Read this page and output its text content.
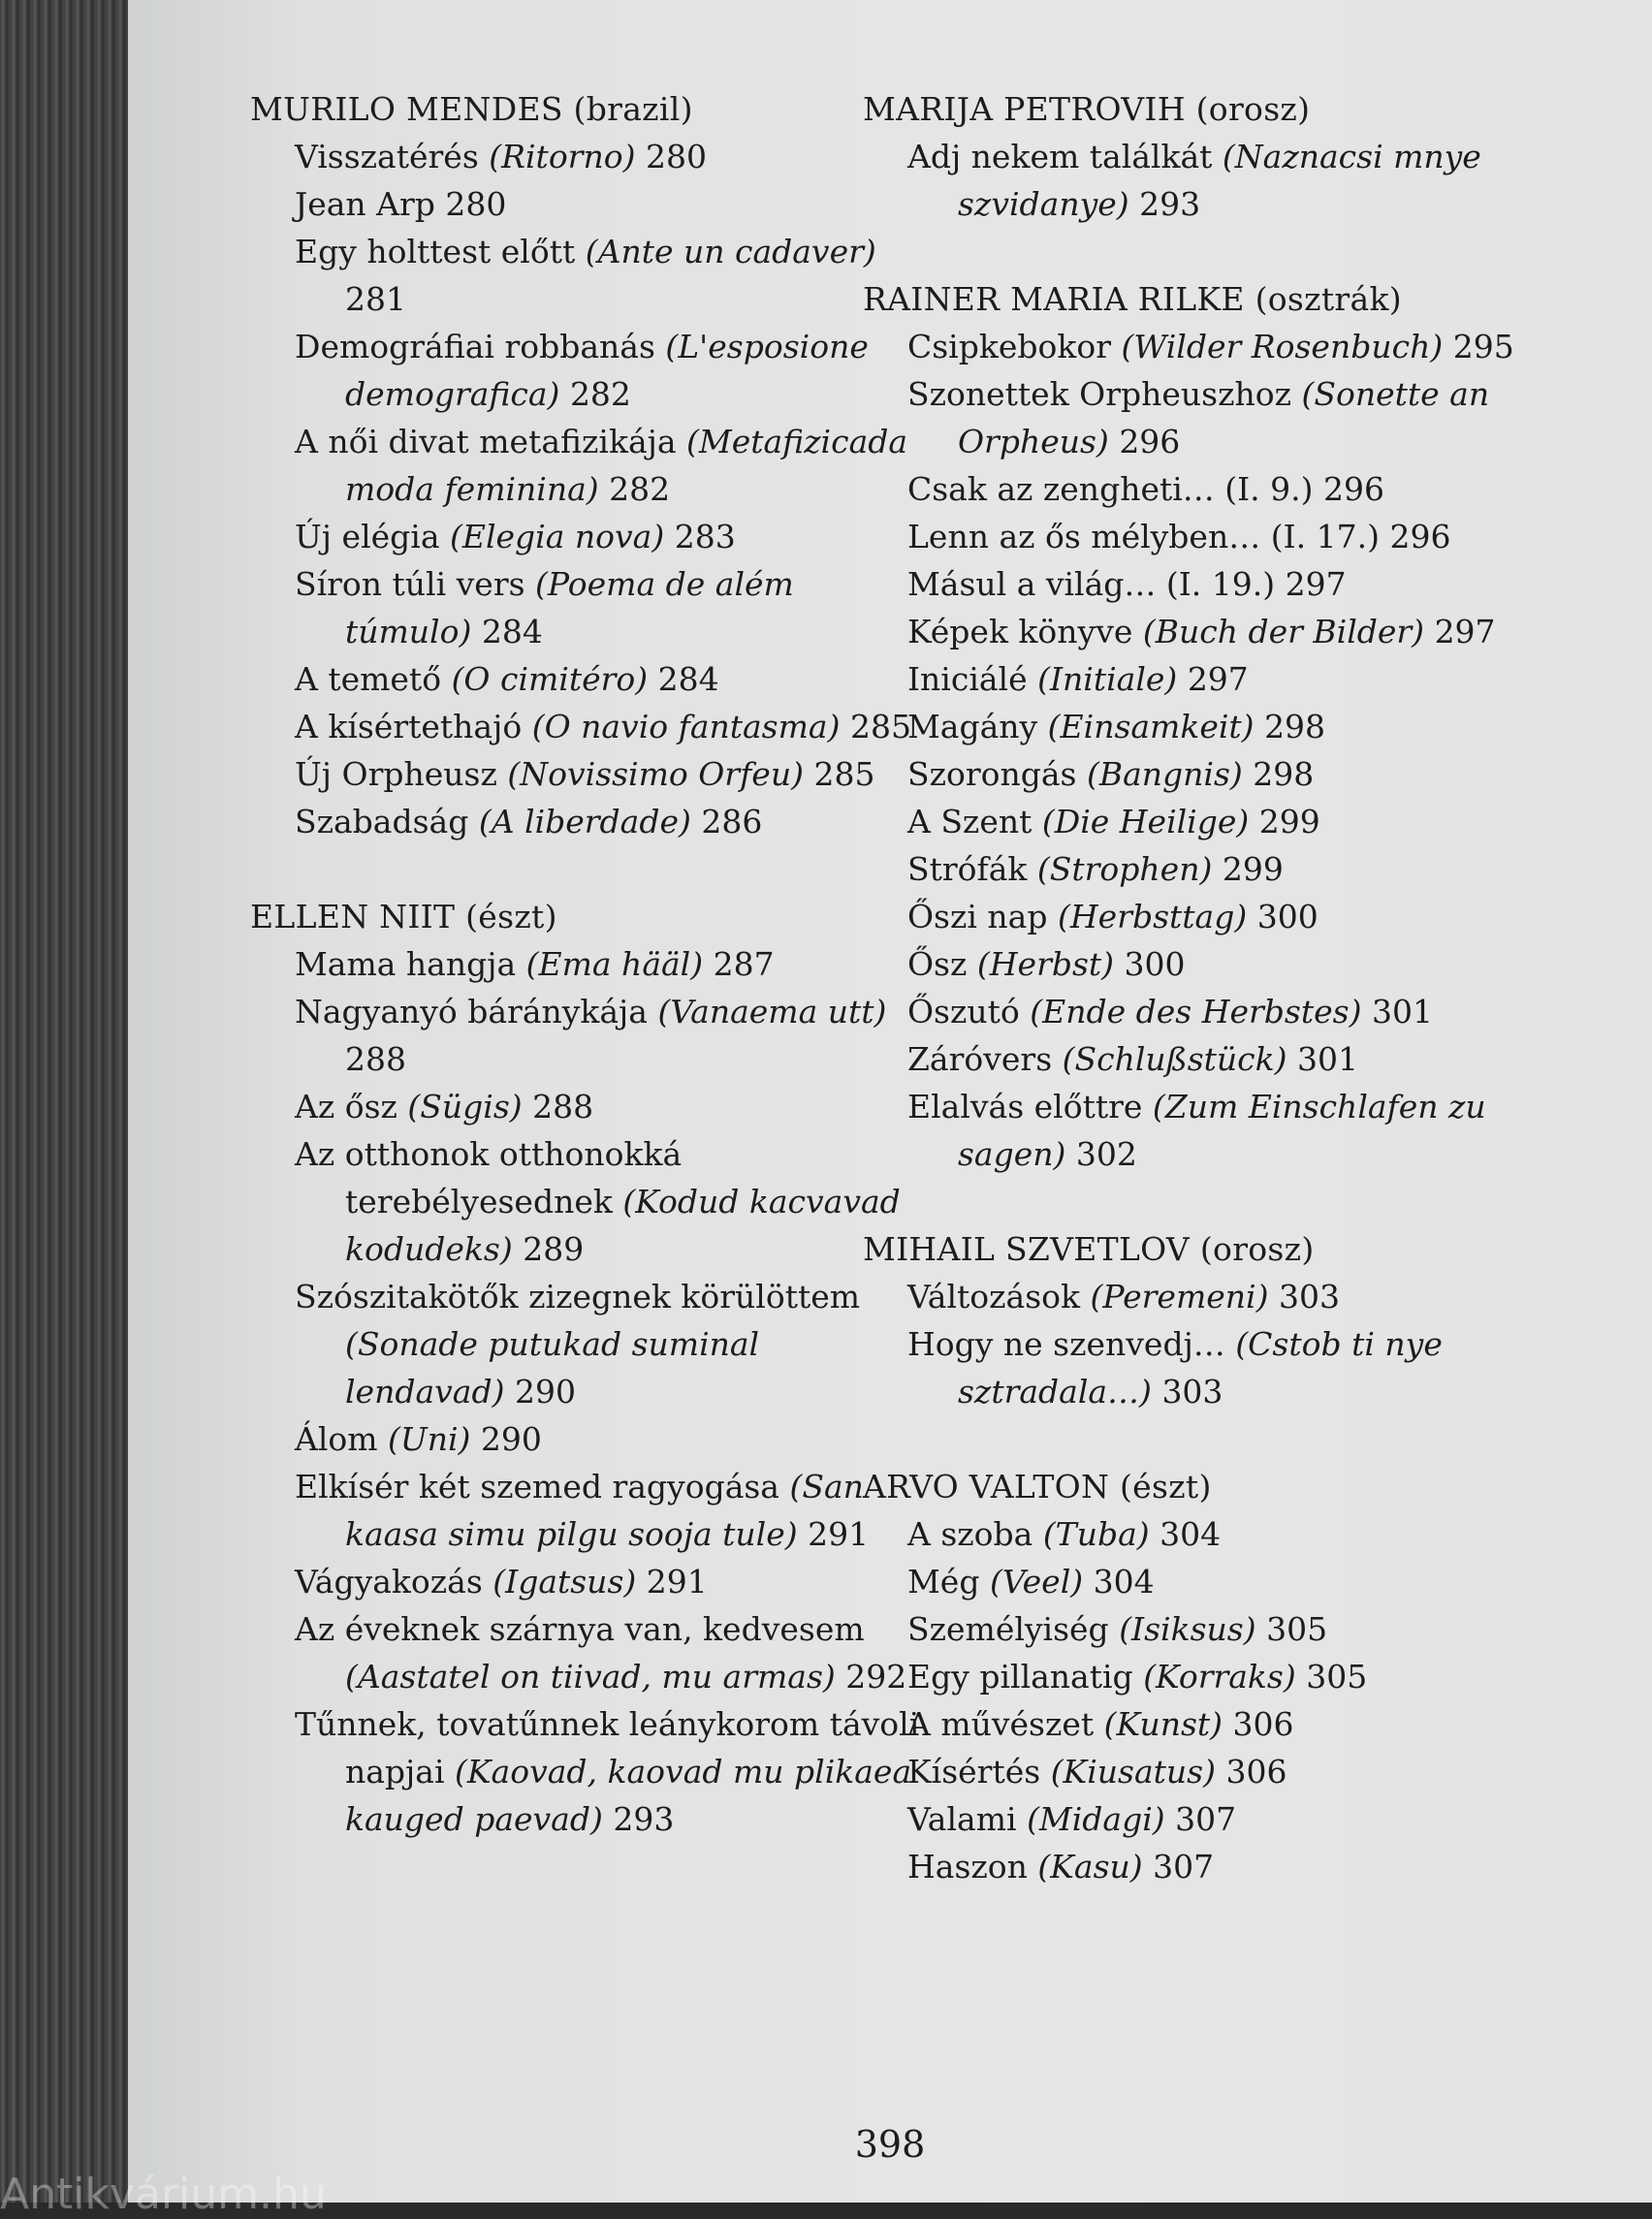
398

MURILO MENDES (brazil)

Visszatérés (Ritorno) 280

Jean Arp 280

Egy holttest előtt (Ante un cadaver) 281

Demográfiai robbanás (L'esposione demografica) 282

A női divat metafizikája (Metafizicada moda feminina) 282

Új elégia (Elegia nova) 283

Síron túli vers (Poema de além túmulo) 284

A temető (O cimitéro) 284

A kísértethajó (O navio fantasma) 285

Új Orpheusz (Novissimo Orfeu) 285

Szabadság (A liberdade) 286

ELLEN NIIT (észt)

Mama hangja (Ema hääl) 287

Nagyanyó báránykája (Vanaema utt) 288

Az ősz (Sügis) 288

Az otthonok otthonokká terebélyesednek (Kodud kacvavad kodudeks) 289

Szószitakötők zizegnek körülöttem (Sonade putukad suminal lendavad) 290

Álom (Uni) 290

Elkísér két szemed ragyogása (San kaasa simu pilgu sooja tule) 291

Vágyakozás (Igatsus) 291

Az éveknek szárnya van, kedvesem (Aastatel on tiivad, mu armas) 292

Tűnnek, tovatűnnek leánykorom távoli napjai (Kaovad, kaovad mu plikaea kauged paevad) 293

MARIJA PETROVIH (orosz)

Adj nekem találkát (Naznacsi mnye szvidanye) 293

RAINER MARIA RILKE (osztrák)

Csipkebokor (Wilder Rosenbuch) 295

Szonettek Orpheuszhoz (Sonette an Orpheus) 296

Csak az zengheti… (I. 9.) 296

Lenn az ős mélyben… (I. 17.) 296

Másul a világ… (I. 19.) 297

Képek könyve (Buch der Bilder) 297

Iniciálé (Initiale) 297

Magány (Einsamkeit) 298

Szorongás (Bangnis) 298

A Szent (Die Heilige) 299

Strófák (Strophen) 299

Őszi nap (Herbsttag) 300

Ősz (Herbst) 300

Őszutó (Ende des Herbstes) 301

Záróvers (Schlußstück) 301

Elalvás előttre (Zum Einschlafen zu sagen) 302

MIHAIL SZVETLOV (orosz)

Változások (Peremeni) 303

Hogy ne szenvedj… (Cstob ti nye sztradala…) 303

ARVO VALTON (észt)

A szoba (Tuba) 304

Még (Veel) 304

Személyiség (Isiksus) 305

Egy pillanatig (Korraks) 305

A művészet (Kunst) 306

Kísértés (Kiusatus) 306

Valami (Midagi) 307

Haszon (Kasu) 307

Antikvárium.hu
